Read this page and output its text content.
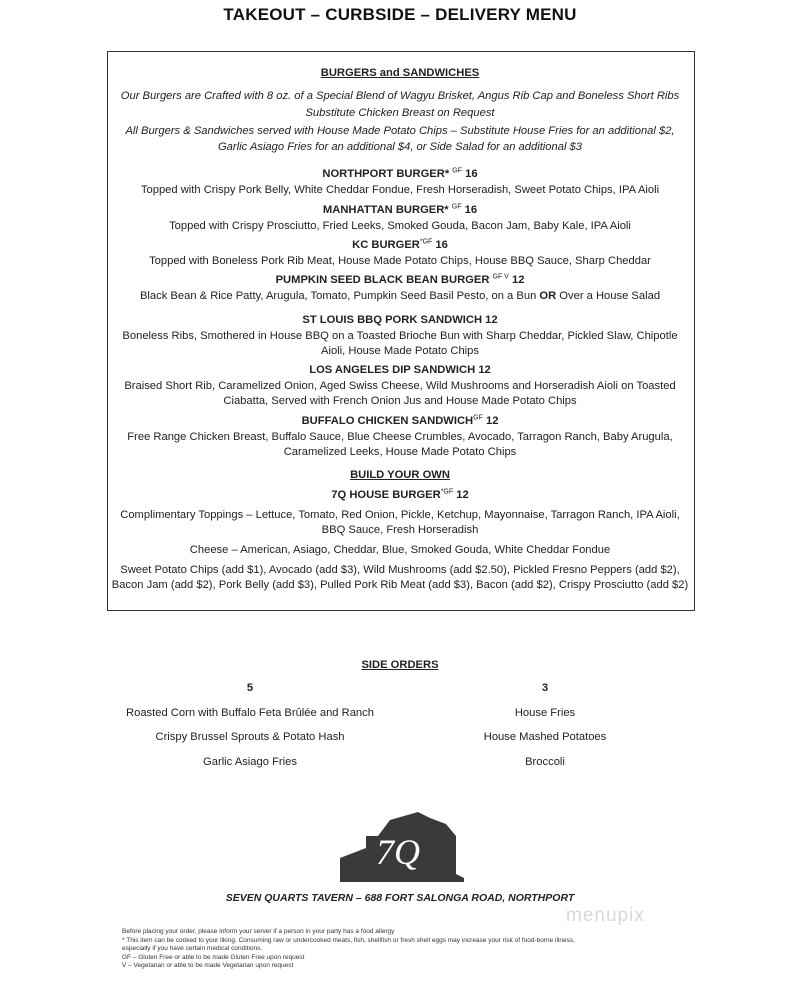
TAKEOUT – CURBSIDE – DELIVERY MENU
BURGERS and SANDWICHES
Our Burgers are Crafted with 8 oz. of a Special Blend of Wagyu Brisket, Angus Rib Cap and Boneless Short Ribs
Substitute Chicken Breast on Request
All Burgers & Sandwiches served with House Made Potato Chips – Substitute House Fries for an additional $2,
Garlic Asiago Fries for an additional $4, or Side Salad for an additional $3
NORTHPORT BURGER* $^{GF}$ 16
Topped with Crispy Pork Belly, White Cheddar Fondue, Fresh Horseradish, Sweet Potato Chips, IPA Aioli
MANHATTAN BURGER* $^{GF}$ 16
Topped with Crispy Prosciutto, Fried Leeks, Smoked Gouda, Bacon Jam, Baby Kale, IPA Aioli
KC $BURGER^{*GF}$ 16
Topped with Boneless Pork Rib Meat, House Made Potato Chips, House BBQ Sauce, Sharp Cheddar
PUMPKIN SEED BLACK BEAN BURGER $^{GF V}$ 12
Black Bean & Rice Patty, Arugula, Tomato, Pumpkin Seed Basil Pesto, on a Bun OR Over a House Salad
ST LOUIS BBQ PORK SANDWICH 12
Boneless Ribs, Smothered in House BBQ on a Toasted Brioche Bun with Sharp Cheddar, Pickled Slaw, Chipotle
Aioli, House Made Potato Chips
LOS ANGELES DIP SANDWICH 12
Braised Short Rib, Caramelized Onion, Aged Swiss Cheese, Wild Mushrooms and Horseradish Aioli on Toasted
Ciabatta, Served with French Onion Jus and House Made Potato Chips
BUFFALO CHICKEN $SANDWICH^{GF}$ 12
Free Range Chicken Breast, Buffalo Sauce, Blue Cheese Crumbles, Avocado, Tarragon Ranch, Baby Arugula,
Caramelized Leeks, House Made Potato Chips
BUILD YOUR OWN
7Q HOUSE $BURGER^{*GF}$ 12
Complimentary Toppings – Lettuce, Tomato, Red Onion, Pickle, Ketchup, Mayonnaise, Tarragon Ranch, IPA Aioli,
BBQ Sauce, Fresh Horseradish
Cheese – American, Asiago, Cheddar, Blue, Smoked Gouda, White Cheddar Fondue
Sweet Potato Chips (add $1), Avocado (add $3), Wild Mushrooms (add $2.50), Pickled Fresno Peppers (add $2),
Bacon Jam (add $2), Pork Belly (add $3), Pulled Pork Rib Meat (add $3), Bacon (add $2), Crispy Prosciutto (add $2)
SIDE ORDERS
5
Roasted Corn with Buffalo Feta Brûlée and Ranch
Crispy Brussel Sprouts & Potato Hash
Garlic Asiago Fries
3
House Fries
House Mashed Potatoes
Broccoli
7Q
SEVEN QUARTS TAVERN – 688 FORT SALONGA ROAD, NORTHPORT
menupix
Before placing your order, please inform your server if a person in your party has a food allergy
* This item can be cooked to your liking. Consuming raw or undercooked meats, fish, shellfish or fresh shell eggs may increase your risk of food-borne illness,
especially if you have certain medical conditions.
GF – Gluten Free or able to be made Gluten Free upon request
V – Vegetarian or able to be made Vegetarian upon request
